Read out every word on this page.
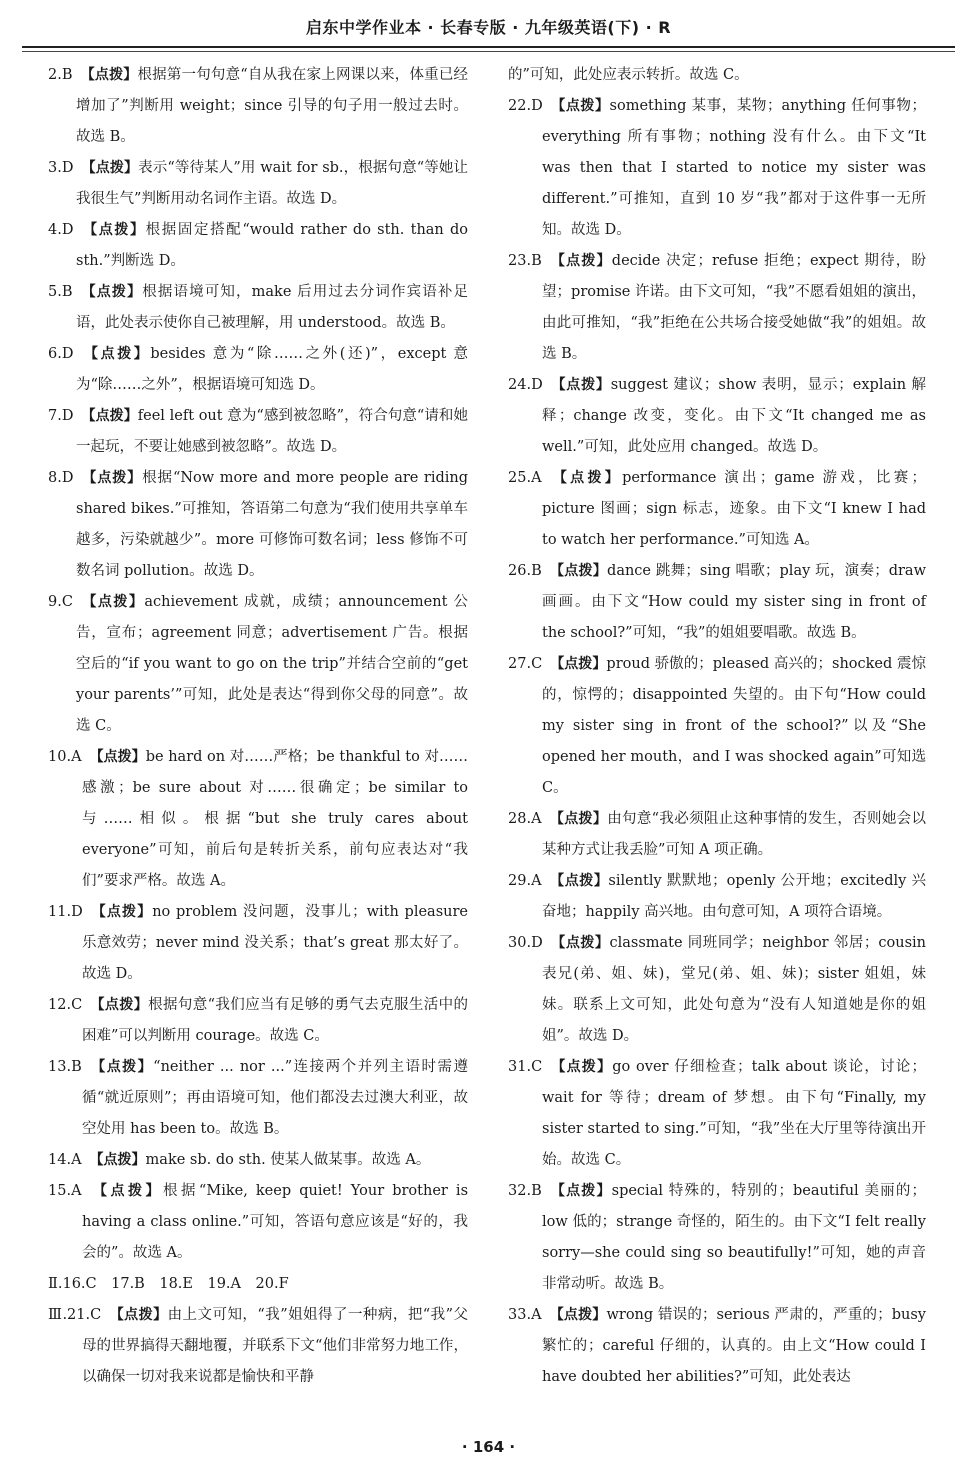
启东中学作业本 · 长春专版 · 九年级英语(下) · R

2.B 【点拨】根据第一句句意“自从我在家上网课以来，体重已经增加了”判断用 weight；since 引导的句子用一般过去时。故选 B。

3.D 【点拨】表示“等待某人”用 wait for sb.，根据句意“等她让我很生气”判断用动名词作主语。故选 D。

4.D 【点拨】根据固定搭配“would rather do sth. than do sth.”判断选 D。

5.B 【点拨】根据语境可知，make 后用过去分词作宾语补足语，此处表示使你自己被理解，用 understood。故选 B。

6.D 【点拨】besides 意为“除……之外(还)”，except 意为“除……之外”，根据语境可知选 D。

7.D 【点拨】feel left out 意为“感到被忽略”，符合句意“请和她一起玩，不要让她感到被忽略”。故选 D。

8.D 【点拨】根据“Now more and more people are riding shared bikes.”可推知，答语第二句意为“我们使用共享单车越多，污染就越少”。more 可修饰可数名词；less 修饰不可数名词 pollution。故选 D。

9.C 【点拨】achievement 成就，成绩；announcement 公告，宣布；agreement 同意；advertisement 广告。根据空后的“if you want to go on the trip”并结合空前的“get your parents’”可知，此处是表达“得到你父母的同意”。故选 C。

10.A 【点拨】be hard on 对……严格；be thankful to 对……感激；be sure about 对……很确定；be similar to 与……相似。根据“but she truly cares about everyone”可知，前后句是转折关系，前句应表达对“我们”要求严格。故选 A。

11.D 【点拨】no problem 没问题，没事儿；with pleasure 乐意效劳；never mind 没关系；that’s great 那太好了。故选 D。

12.C 【点拨】根据句意“我们应当有足够的勇气去克服生活中的困难”可以判断用 courage。故选 C。

13.B 【点拨】“neither ... nor ...”连接两个并列主语时需遵循“就近原则”；再由语境可知，他们都没去过澳大利亚，故空处用 has been to。故选 B。

14.A 【点拨】make sb. do sth. 使某人做某事。故选 A。

15.A 【点拨】根据“Mike, keep quiet! Your brother is having a class online.”可知，答语句意应该是“好的，我会的”。故选 A。

Ⅱ.16.C　17.B　18.E　19.A　20.F

Ⅲ.21.C 【点拨】由上文可知，“我”姐姐得了一种病，把“我”父母的世界搞得天翻地覆，并联系下文“他们非常努力地工作，以确保一切对我来说都是愉快和平静

的”可知，此处应表示转折。故选 C。

22.D 【点拨】something 某事，某物；anything 任何事物；everything 所有事物；nothing 没有什么。由下文“It was then that I started to notice my sister was different.”可推知，直到 10 岁“我”都对于这件事一无所知。故选 D。

23.B 【点拨】decide 决定；refuse 拒绝；expect 期待，盼望；promise 许诺。由下文可知，“我”不愿看姐姐的演出，由此可推知，“我”拒绝在公共场合接受她做“我”的姐姐。故选 B。

24.D 【点拨】suggest 建议；show 表明，显示；explain 解释；change 改变，变化。由下文“It changed me as well.”可知，此处应用 changed。故选 D。

25.A 【点拨】performance 演出；game 游戏，比赛；picture 图画；sign 标志，迹象。由下文“I knew I had to watch her performance.”可知选 A。

26.B 【点拨】dance 跳舞；sing 唱歌；play 玩，演奏；draw 画画。由下文“How could my sister sing in front of the school?”可知，“我”的姐姐要唱歌。故选 B。

27.C 【点拨】proud 骄傲的；pleased 高兴的；shocked 震惊的，惊愕的；disappointed 失望的。由下句“How could my sister sing in front of the school?”以及“She opened her mouth，and I was shocked again”可知选 C。

28.A 【点拨】由句意“我必须阻止这种事情的发生，否则她会以某种方式让我丢脸”可知 A 项正确。

29.A 【点拨】silently 默默地；openly 公开地；excitedly 兴奋地；happily 高兴地。由句意可知，A 项符合语境。

30.D 【点拨】classmate 同班同学；neighbor 邻居；cousin 表兄(弟、姐、妹)，堂兄(弟、姐、妹)；sister 姐姐，妹妹。联系上文可知，此处句意为“没有人知道她是你的姐姐”。故选 D。

31.C 【点拨】go over 仔细检查；talk about 谈论，讨论；wait for 等待；dream of 梦想。由下句“Finally, my sister started to sing.”可知，“我”坐在大厅里等待演出开始。故选 C。

32.B 【点拨】special 特殊的，特别的；beautiful 美丽的；low 低的；strange 奇怪的，陌生的。由下文“I felt really sorry—she could sing so beautifully!”可知，她的声音非常动听。故选 B。

33.A 【点拨】wrong 错误的；serious 严肃的，严重的；busy 繁忙的；careful 仔细的，认真的。由上文“How could I have doubted her abilities?”可知，此处表达

· 164 ·
